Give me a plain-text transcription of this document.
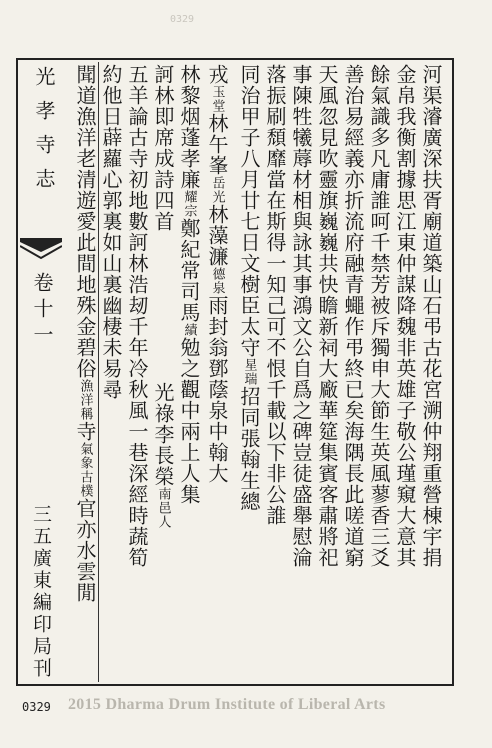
0329
光孝寺志
卷十一
三五廣東編印局刊
河渠濬廣深扶胥廟道築山石弔古花宮溯仲翔重營棟宇捐
金帛我衡割據思江東仲謀降魏非英雄子敬公瑾窺大意其
餘氣識多凡庸誰呵千禁芳被斥獨申大節生英風蓼香三爻
善治易經義亦折流府融青蠅作弔終已矣海隅長此嗟道窮
天風忽見吹靈旗巍巍共快瞻新祠大廠華筵集賓客肅將祀
事陳牲犧蓐材相與詠其事鴻文公自爲之碑豈徒盛舉慰淪
落振刷頹靡當在斯得一知己可不恨千載以下非公誰
同治甲子八月廿七日文樹臣太守
星瑞
招同張翰生總
戎
玉堂
林午峯
岳光
林藻濂
德泉
雨封翁鄧蔭泉中翰大
林黎烟蓬孝廉
耀宗
鄭紀常司馬
績
勉之觀中兩上人集
訶林即席成詩四首
光祿李長榮
南邑人
五羊論古寺初地數訶林浩刼千年冷秋風一巷深經時蔬筍
約他日薜蘿心郭裏如山裏幽棲未易尋
聞道漁洋老清遊愛此間地殊金碧俗
漁洋稱
寺
氣象古樸
官亦水雲閒
0329 2015 Dharma Drum Institute of Liberal Arts
